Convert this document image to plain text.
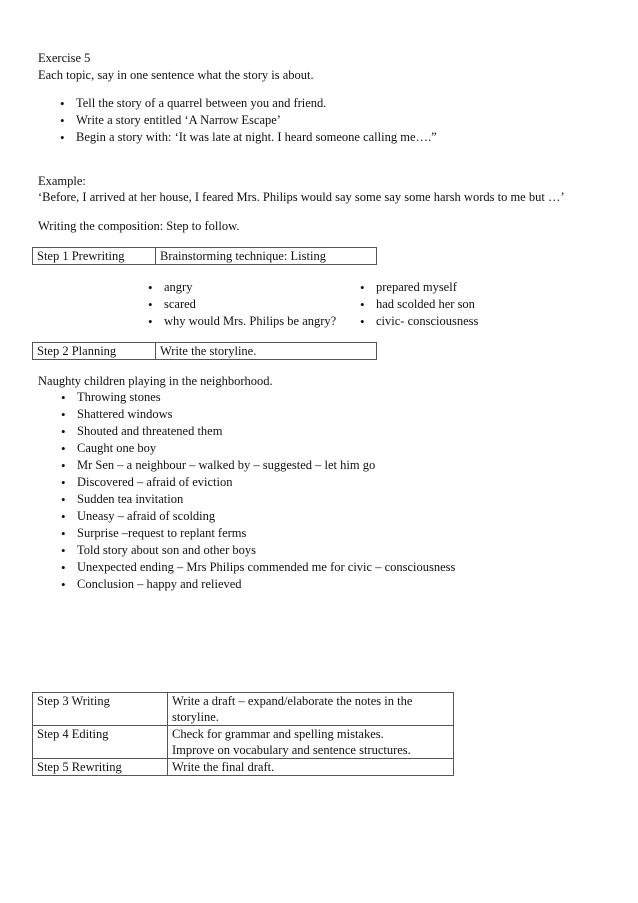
Exercise 5
Each topic, say in one sentence what the story is about.
• Tell the story of a quarrel between you and friend.
• Write a story entitled ‘A Narrow Escape’
• Begin a story with: ‘It was late at night. I heard someone calling me….”
Example:
‘Before, I arrived at her house, I feared Mrs. Philips would say some say some harsh words to me but …’
Writing the composition: Step to follow.
Step 1 Prewriting	Brainstorming technique: Listing
• angry
• scared
• why would Mrs. Philips be angry?
• prepared myself
• had scolded her son
• civic- consciousness
Step 2 Planning	Write the storyline.
Naughty children playing in the neighborhood.
• Throwing stones
• Shattered windows
• Shouted and threatened them
• Caught one boy
• Mr Sen – a neighbour – walked by – suggested – let him go
• Discovered – afraid of eviction
• Sudden tea invitation
• Uneasy – afraid of scolding
• Surprise –request to replant ferms
• Told story about son and other boys
• Unexpected ending – Mrs Philips commended me for civic – consciousness
• Conclusion – happy and relieved
Step 3 Writing	Write a draft – expand/elaborate the notes in the
storyline.

Step 4 Editing	Check for grammar and spelling mistakes.
Improve on vocabulary and sentence structures.

Step 5 Rewriting	Write the final draft.
